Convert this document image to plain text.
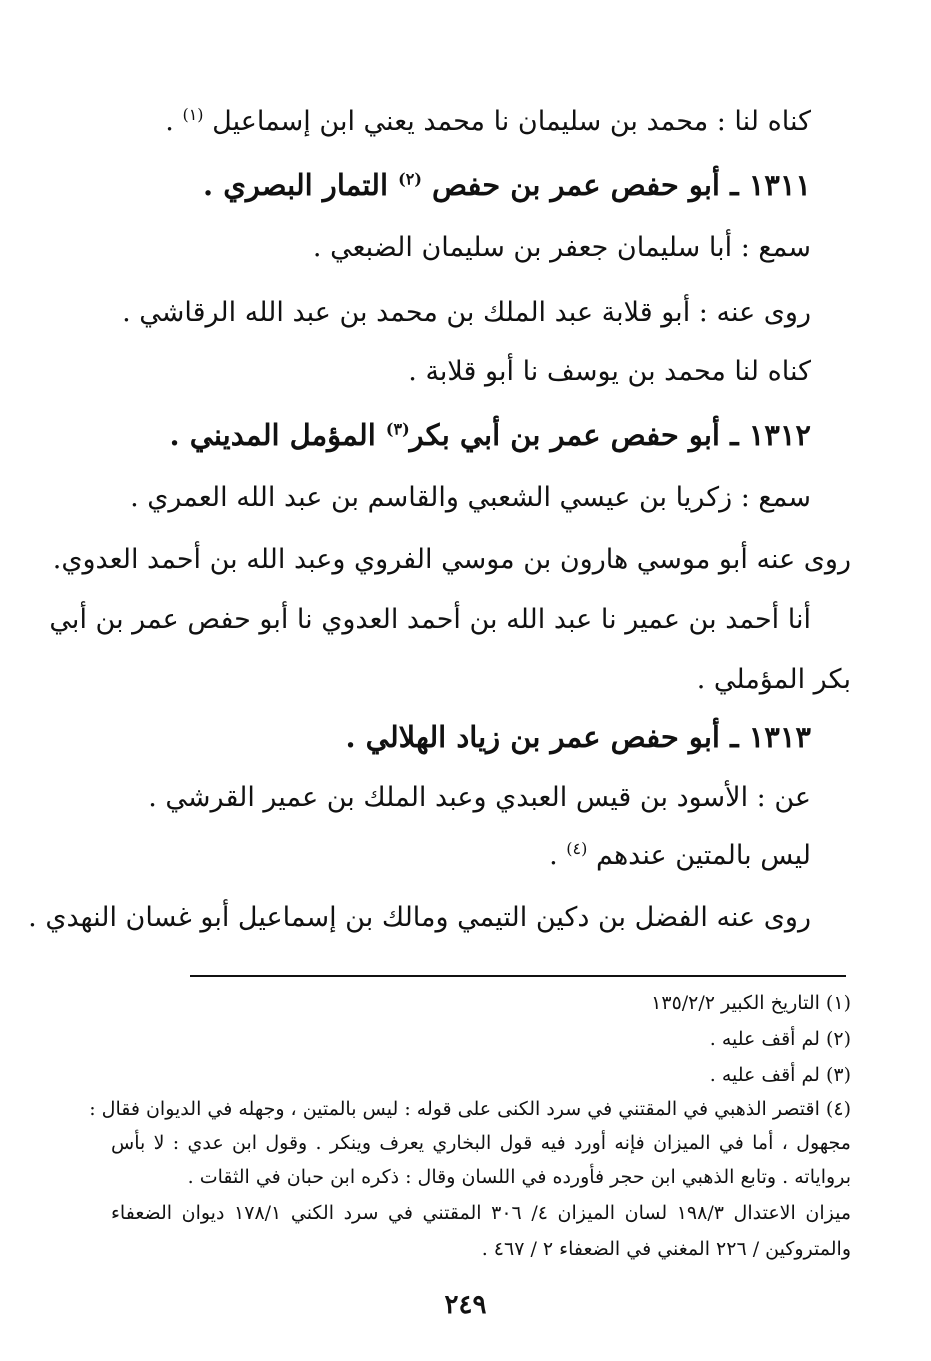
كناه لنا : محمد بن سليمان نا محمد يعني ابن إسماعيل $^{(١)}$ .
١٣١١ ـ أبو حفص عمر بن حفص $^{(٢)}$ التمار البصري .
سمع : أبا سليمان جعفر بن سليمان الضبعي .
روى عنه : أبو قلابة عبد الملك بن محمد بن عبد الله الرقاشي .
كناه لنا محمد بن يوسف نا أبو قلابة .
١٣١٢ ـ أبو حفص عمر بن أبي بكر$^{(٣)}$ المؤمل المديني .
سمع : زكريا بن عيسي الشعبي والقاسم بن عبد الله العمري .
روى عنه أبو موسي هارون بن موسي الفروي وعبد الله بن أحمد العدوي.
أنا أحمد بن عمير نا عبد الله بن أحمد العدوي نا أبو حفص عمر بن أبي
بكر المؤملي .
١٣١٣ ـ أبو حفص عمر بن زياد الهلالي .
عن : الأسود بن قيس العبدي وعبد الملك بن عمير القرشي .
ليس بالمتين عندهم $^{(٤)}$ .
روى عنه الفضل بن دكين التيمي ومالك بن إسماعيل أبو غسان النهدي .
(١) التاريخ الكبير ١٣٥/٢/٢
(٢) لم أقف عليه .
(٣) لم أقف عليه .
(٤) اقتصر الذهبي في المقتني في سرد الكنى على قوله : ليس بالمتين ، وجهله في الديوان فقال :
مجهول ، أما في الميزان فإنه أورد فيه قول البخاري يعرف وينكر . وقول ابن عدي : لا بأس
برواياته . وتابع الذهبي ابن حجر فأورده في اللسان وقال : ذكره ابن حبان في الثقات .
ميزان الاعتدال ١٩٨/٣ لسان الميزان ٤/ ٣٠٦ المقتني في سرد الكني ١٧٨/١ ديوان الضعفاء
والمتروكين / ٢٢٦ المغني في الضعفاء ٢ / ٤٦٧ .
٢٤٩
